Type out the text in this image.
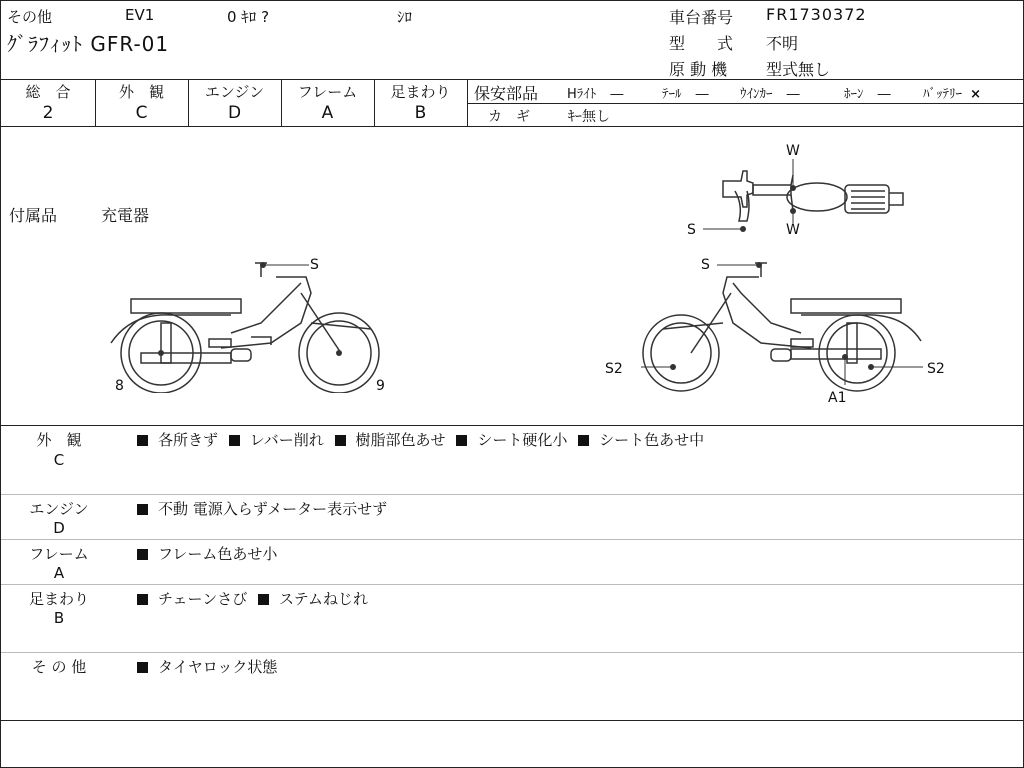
その他	EV1	0 ｷﾛ ?	ｼﾛ
ｸﾞﾗﾌｨｯﾄ GFR-01
車台番号 FR1730372
型　　式 不明
原 動 機 型式無し
総　合
2
外　観
C
エンジン
D
フレーム
A
足まわり
B
保安部品 Hﾗｲﾄ ―	ﾃｰﾙ ― ｳｲﾝｶｰ ―	ﾎｰﾝ ― ﾊﾞｯﾃﾘｰ ×
カ　ギ	ｷｰ無し
付属品	充電器
W
W
S
S
8	9
S
S2	S2
A1
外　観
C
各所きず レバー削れ 樹脂部色あせ シート硬化小 シート色あせ中
エンジン
D
不動 電源入らずメーター表示せず
フレーム
A
フレーム色あせ小
足まわり
B
チェーンさび ステムねじれ
そ の 他	タイヤロック状態
